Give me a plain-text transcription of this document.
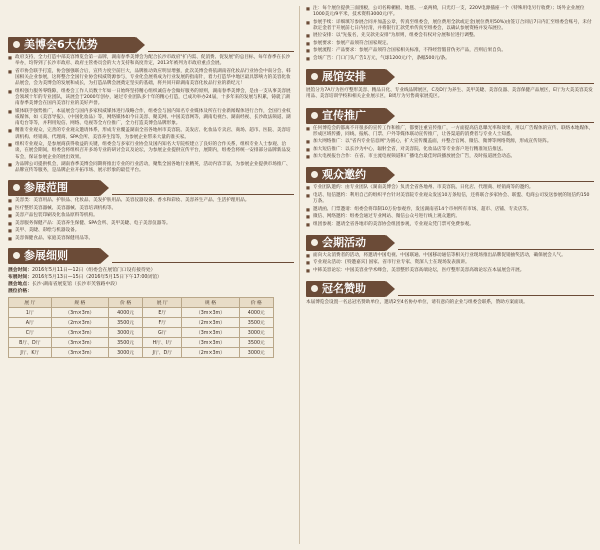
美博会6大优势
■ 政府支持，全力打造中部美容博览会第一品牌，湖南春季美博会为配合长沙市政府"扩内需、促消费、促发展"的总目标，每年春季在长沙举办，均得到了长沙市政府、政府主管委员会的大力支持和高度肯定，2013年被列为市政府重点会展。
■ 省市协会联手打造，协会强强联合后，宣传力度空前巨大，品牌推动效应明显增强，此次美博会将依湖南省化妆品行业协会中南分会、韩国相关企业参展，这将整合全国行业协会权威资源参与，专业化会展将成为行业发展的指南针，着力打造华中地区最具影响力的美容化妆品展会，会为美博会的发展和成长，为打造品牌会展奠定坚实的基础，将共同开辟湖南美容化妆品行业的新纪元！
■ 组织强力服务零缝隙，组委会工作人员数十年如一日始终坚持精心组织诚信办会做好服务的原则，湖南春季美博会，是由一支从事美容展会领域十年的专业团队，该展会于2000年创办，通过专业团队多十年的精心打造，已成功举办24届，十多年来的发展与积累，铸就了湖南春季美博会在国内美容行业的美好声誉。
■ 媒体联手强势推广，本届展会与国内多家权威媒体进行战略合作，组委会与国内知名专业媒体及所在行业新闻媒体进行合作，全国行业权威媒体，如《美容导报》、《中国化妆品》等，网络媒体如今日美容、聚美网、中国美容网等，湖南电视台、湖南经视、长沙政法频道、湖南电台等等，并利用短信、网络、电视等全方位推广，全力打造美博会品牌形象。
■ 精准专业观众，完善的专业观众邀请体系，形成专业覆盖湖南全省各地州市美容院、美发店、化妆品专卖店、商场、超市、医院、美容培训机构、经销商、代理商、SPA会所、美容养生馆等，为参展企业带来大量的准买家。
■ 组织专业观众，是参展商获得收益的关键，组委会与多家行业协会及国内知名大专院校建立了良好的合作关系，组织专业人士参观、洽谈，在展会期间，组委会将组织召开多场专业的研讨会议及论坛，为参展企业提供宣传平台，展期内，组委会将统一安排部分品牌新品发布会，保证参展企业的展出效果。
■ 为品牌公司提供机会，湖南春季美博会同期将推出专业的行业活动，聚集全国各地行业精英，活动内容丰富，为参展企业提供市场推广、品牌宣传等服务，是品牌企业开拓市场、展示形象的最佳平台。
参展范围
■ 美容类：美容用品、护肤品、化妆品、美发护肤用品、美容仪器设备、香水和彩妆、美容养生产品、生活护理用品。
■ 医疗整形美容器械、美容器械、美容培训机构等。
■ 美容产品包装印刷及化妆品原料等机构。
■ 美容服务保健产品：美容养生保健、SPA会所、美甲美睫、电子美容仪器等。
■ 美甲、美睫、彩绘与机器设备。
■ 美容保健食品、家庭美容保健用品等。
参展细则
展会时间：2016年5月11日—12日（组委会在展馆门口设有接待处）
布展时间：2016年5月13日—15日（2016年5月15日下午17:00闭馆）
展会地点：长沙·湖南省展览馆（长沙市芙蓉路中段）
展位价格：
展 厅	规 格	价 格	展 厅	规 格	价 格
1厅	（3m×3m）	4000元	E厅	（3m×3m）	4000元
A厅	（2m×3m）	3500元	F厅	（2m×3m）	3500元
C厅	（3m×3m）	3000元	G厅	（3m×3m）	3000元
B厅、D厅	（3m×3m）	3500元	H厅、I厅	（3m×3m）	3500元
J厅、K厅	（3m×3m）	3000元	J厅、D厅	（2m×3m）	3000元
■ 注：每个展位提供三面围板，公司名称楣板、地毯、一桌两椅，日光灯一支，220V电源插座一个（特殊用电另行收费）；场外企业展位1000美元/9平米，技术资料3000元/平。
■ 参展手续：详细填写参展合同并加盖公章，传真至组委会，展位费用全款或定金(展位费用50%)由签订合同后7日内汇至组委会账号，未付款定金者于开展前七日内付清，并将银行汇款凭单传真至组委会，以确认参展资格并发布展位。
■ 展位安排：以"先报名，先交款先安排"为原则，组委会有权对分展和位进行调整。
■ 参展要求：参展产品须符合国家规定。
■ 参展流程：产品要求：参展产品须符合国家相关标准，不得经营假冒伪劣产品，否则后果自负。
■ 会场广告：门口门头广告1万元，气球1200元/个，条幅500元/条。
展馆安排

展馆分为7A厅为医疗整形美容、精品日化、专业线品牌展区，C及D厅为养生、美甲美睫、美容仪器、美容保健产品展区，E厅为大美美容美发用品、美容培训学校和相关企业展示区，B周厅为另售商家展览区。

宣传推广
■ 任何博览会的都离不开很多的宣传工作和推广，都要注重宣传推广，一方面提高信息曝光率和效果，用以广告媒体的宣传、联络本地媒体，形成区域传播，同线、报纸、门票、户外等媒体联动宣传推广，让各渠道的消费者与专业人士知悉。
■ 加大网络推广：以"省内专业信息网"为圆心，扩大宣传覆盖面，并整合官网、微信、微博等网络资源，形成宣传矩阵。
■ 加大短信推广：以长沙为中心，辐射全省，对美容院、化妆品店等专业客户进行精准短信推送。
■ 加大电视报台合作：在省、市主流电视频道和广播电台最佳时段播放展会广告，及时报道展会动态。
观众邀约
■ 专业团队邀约：由专业团队《湖南美博会》负责全省各地州、市美容院、日化店、代理商、经销商等的邀约。
■ 电话、短信邀约：利用自己的组织平台针对美容院专业观众发送10万条短信，还将联合多家协会、联盟、电商公司发送参展的短信约150万条。
■ 邀请函、门票邀请：组委会将印制10万份参观券，发送湖南省14个市州所有市场、超市、店铺、专卖店等。
■ 微信、网络邀约：组委会通过专业网站、微信公众号进行线上观众邀约。
■ 组团参观：邀请全省各地市的美容协会组团参观，专业观众凭门票可免费参观。
会期活动
■ 面向大众消费者的活动，将邀请中国电视、中国联通、中国移动通信等相关行业现场推出品牌促销抽奖活动，确保展会人气。
■ 专业观众活动：[特邀嘉宾] 国家、省市行业专家、资深人士在现场发表演讲。
■ 中韩美容论坛：中国美容业学术峰会，美容整形美容高端论坛，医疗整形美容高端论坛在本届展会开展。
冠名赞助

本届博览会设置一名总冠名赞助单位，邀请2至4名协办单位，请有意向的企业与组委会联系，赞助方案面谈。
